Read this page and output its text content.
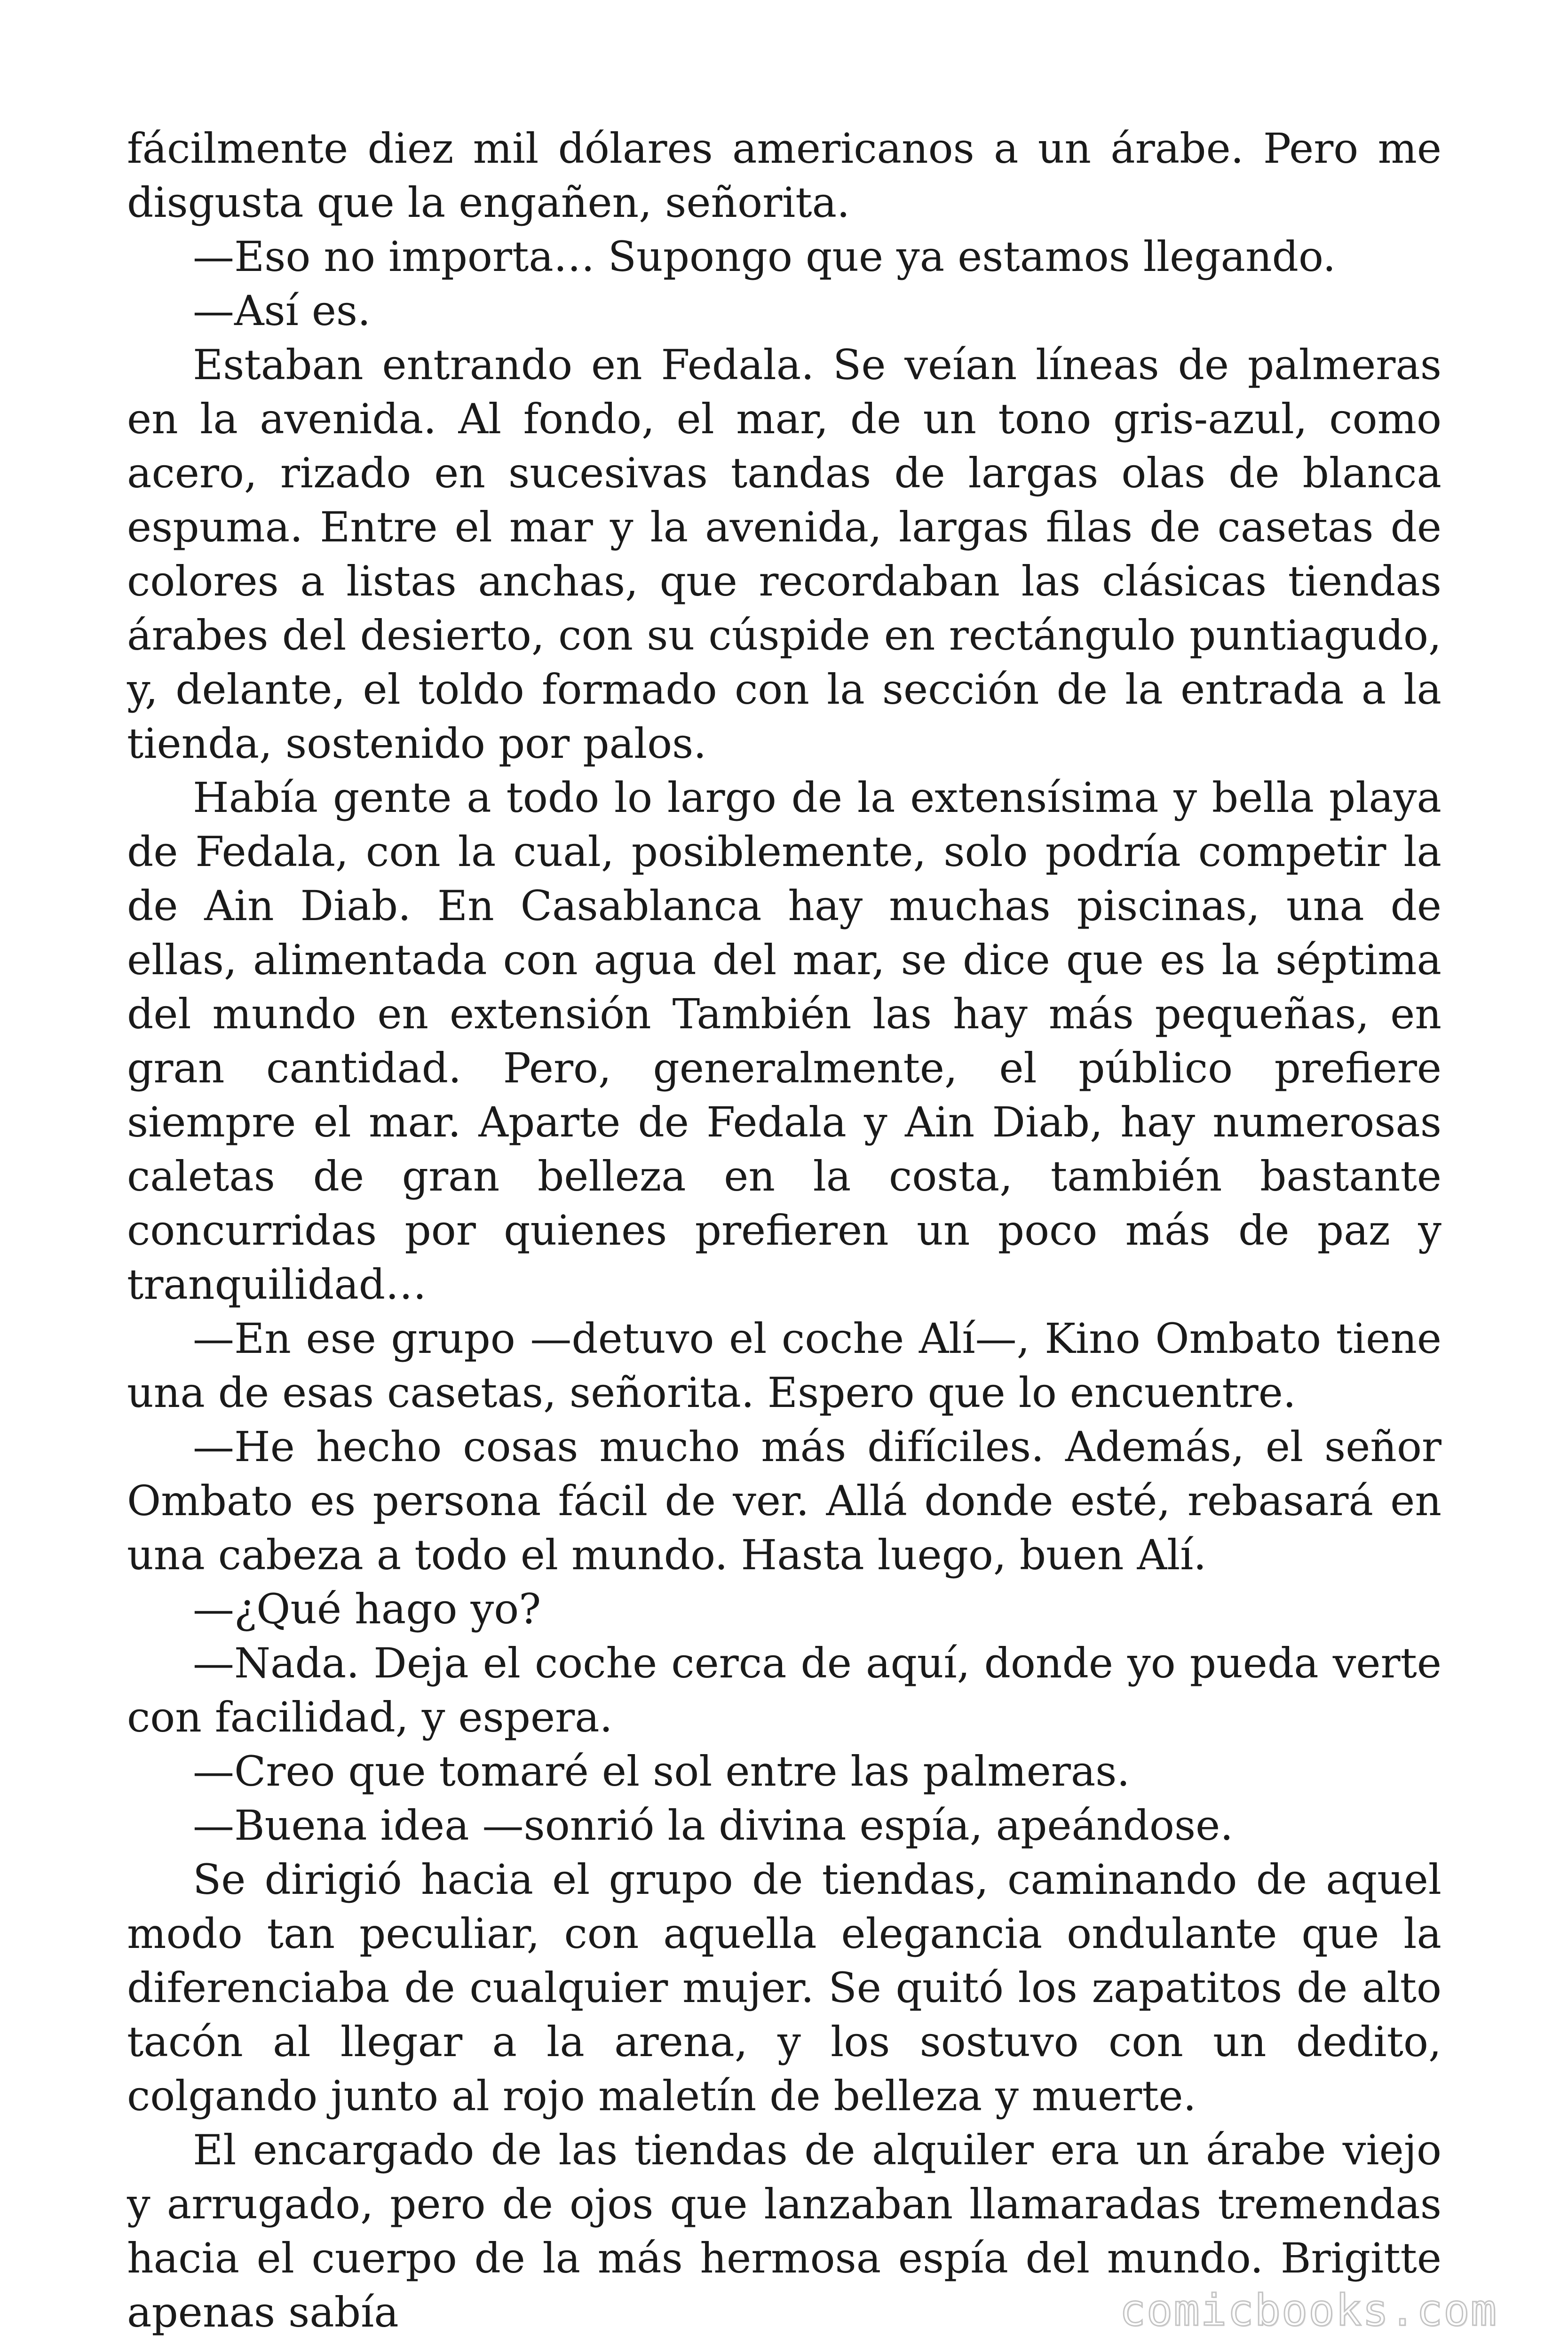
fácilmente diez mil dólares americanos a un árabe. Pero me disgusta que la engañen, señorita.

—Eso no importa… Supongo que ya estamos llegando.

—Así es.

Estaban entrando en Fedala. Se veían líneas de palmeras en la avenida. Al fondo, el mar, de un tono gris-azul, como acero, rizado en sucesivas tandas de largas olas de blanca espuma. Entre el mar y la avenida, largas filas de casetas de colores a listas anchas, que recordaban las clásicas tiendas árabes del desierto, con su cúspide en rectángulo puntiagudo, y, delante, el toldo formado con la sección de la entrada a la tienda, sostenido por palos.

Había gente a todo lo largo de la extensísima y bella playa de Fedala, con la cual, posiblemente, solo podría competir la de Ain Diab. En Casablanca hay muchas piscinas, una de ellas, alimentada con agua del mar, se dice que es la séptima del mundo en extensión También las hay más pequeñas, en gran cantidad. Pero, generalmente, el público prefiere siempre el mar. Aparte de Fedala y Ain Diab, hay numerosas caletas de gran belleza en la costa, también bastante concurridas por quienes prefieren un poco más de paz y tranquilidad…

—En ese grupo —detuvo el coche Alí—, Kino Ombato tiene una de esas casetas, señorita. Espero que lo encuentre.

—He hecho cosas mucho más difíciles. Además, el señor Ombato es persona fácil de ver. Allá donde esté, rebasará en una cabeza a todo el mundo. Hasta luego, buen Alí.

—¿Qué hago yo?

—Nada. Deja el coche cerca de aquí, donde yo pueda verte con facilidad, y espera.

—Creo que tomaré el sol entre las palmeras.

—Buena idea —sonrió la divina espía, apeándose.

Se dirigió hacia el grupo de tiendas, caminando de aquel modo tan peculiar, con aquella elegancia ondulante que la diferenciaba de cualquier mujer. Se quitó los zapatitos de alto tacón al llegar a la arena, y los sostuvo con un dedito, colgando junto al rojo maletín de belleza y muerte.

El encargado de las tiendas de alquiler era un árabe viejo y arrugado, pero de ojos que lanzaban llamaradas tremendas hacia el cuerpo de la más hermosa espía del mundo. Brigitte apenas sabía	comicbooks.com
